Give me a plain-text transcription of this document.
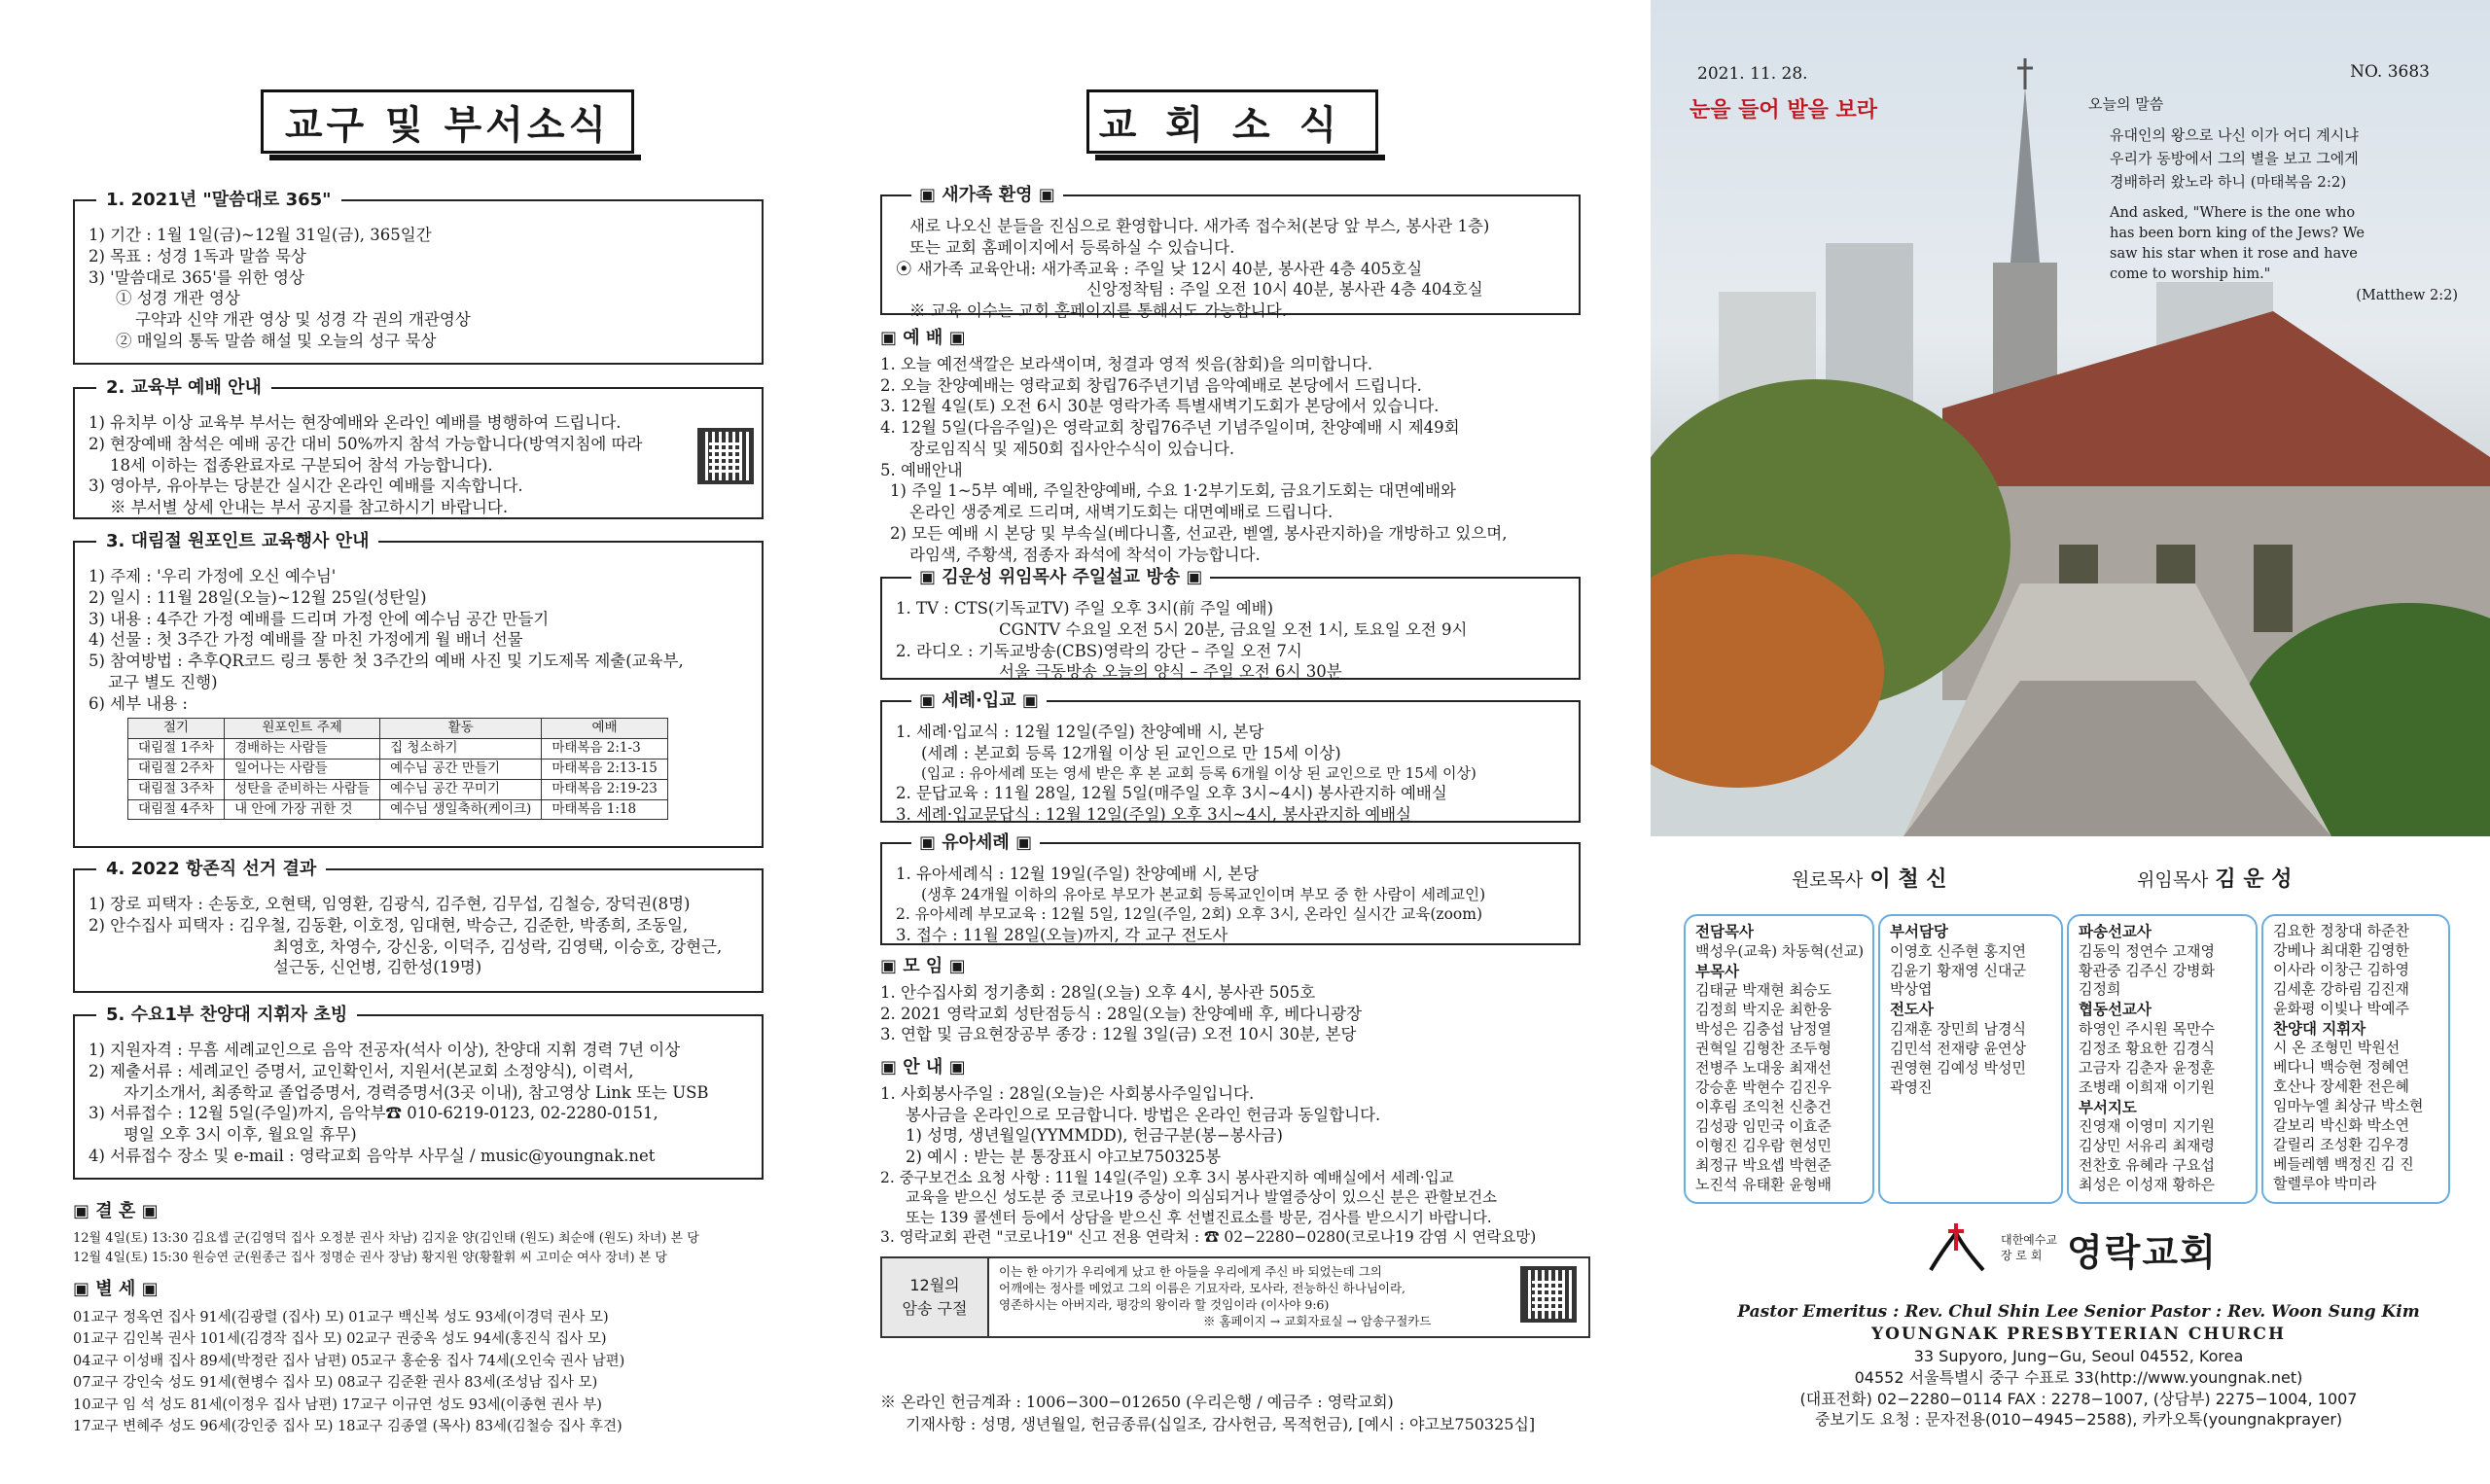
교구 및 부서소식
1. 2021년 "말씀대로 365"
1) 기간 : 1월 1일(금)~12월 31일(금), 365일간
2) 목표 : 성경 1독과 말씀 묵상
3) '말씀대로 365'를 위한 영상
① 성경 개관 영상
구약과 신약 개관 영상 및 성경 각 권의 개관영상
② 매일의 통독 말씀 해설 및 오늘의 성구 묵상
2. 교육부 예배 안내
1) 유치부 이상 교육부 부서는 현장예배와 온라인 예배를 병행하여 드립니다.
2) 현장예배 참석은 예배 공간 대비 50%까지 참석 가능합니다(방역지침에 따라
18세 이하는 접종완료자로 구분되어 참석 가능합니다).
3) 영아부, 유아부는 당분간 실시간 온라인 예배를 지속합니다.
※ 부서별 상세 안내는 부서 공지를 참고하시기 바랍니다.
3. 대림절 원포인트 교육행사 안내
1) 주제 : '우리 가정에 오신 예수님'
2) 일시 : 11월 28일(오늘)~12월 25일(성탄일)
3) 내용 : 4주간 가정 예배를 드리며 가정 안에 예수님 공간 만들기
4) 선물 : 첫 3주간 가정 예배를 잘 마친 가정에게 월 배너 선물
5) 참여방법 : 추후QR코드 링크 통한 첫 3주간의 예배 사진 및 기도제목 제출(교육부,
교구 별도 진행)
6) 세부 내용 :
절기	원포인트 주제	활동	예배
대림절 1주차	경배하는 사람들	집 청소하기	마태복음 2:1-3
대림절 2주차	일어나는 사람들	예수님 공간 만들기	마태복음 2:13-15
대림절 3주차	성탄을 준비하는 사람들	예수님 공간 꾸미기	마태복음 2:19-23
대림절 4주차	내 안에 가장 귀한 것	예수님 생일축하(케이크)	마태복음 1:18
4. 2022 항존직 선거 결과
1) 장로 피택자 : 손동호, 오현택, 임영환, 김광식, 김주현, 김무섭, 김철승, 장덕권(8명)
2) 안수집사 피택자 : 김우철, 김동환, 이호정, 임대현, 박승근, 김준한, 박종희, 조동일,
최영호, 차영수, 강신웅, 이덕주, 김성락, 김영택, 이승호, 강현근,
설근동, 신언병, 김한성(19명)
5. 수요1부 찬양대 지휘자 초빙
1) 지원자격 : 무흠 세례교인으로 음악 전공자(석사 이상), 찬양대 지휘 경력 7년 이상
2) 제출서류 : 세례교인 증명서, 교인확인서, 지원서(본교회 소정양식), 이력서,
자기소개서, 최종학교 졸업증명서, 경력증명서(3곳 이내), 참고영상 Link 또는 USB
3) 서류접수 : 12월 5일(주일)까지, 음악부☎ 010-6219-0123, 02-2280-0151,
평일 오후 3시 이후, 월요일 휴무)
4) 서류접수 장소 및 e-mail : 영락교회 음악부 사무실 / music@youngnak.net
▣ 결 혼 ▣
12월 4일(토) 13:30 김요셉 군(김영덕 집사 오정분 권사 차남) 김지윤 양(김인태 (원도) 최순애 (원도) 차녀) 본 당
12월 4일(토) 15:30 원승연 군(원종근 집사 정명순 권사 장남) 황지원 양(황활휘 씨 고미순 여사 장녀) 본 당
▣ 별 세 ▣
01교구 정옥연 집사 91세(김광렬 (집사) 모) 01교구 백신복 성도 93세(이경덕 권사 모)
01교구 김인복 권사 101세(김경작 집사 모) 02교구 권중옥 성도 94세(홍진식 집사 모)
04교구 이성배 집사 89세(박정란 집사 남편) 05교구 홍순웅 집사 74세(오인숙 권사 남편)
07교구 강인숙 성도 91세(현병수 집사 모) 08교구 김준환 권사 83세(조성남 집사 모)
10교구 임 석 성도 81세(이정우 집사 남편) 17교구 이규연 성도 93세(이종현 권사 부)
17교구 변혜주 성도 96세(강인중 집사 모) 18교구 김종열 (목사) 83세(김철승 집사 후견)
교회소식
▣ 새가족 환영 ▣
새로 나오신 분들을 진심으로 환영합니다. 새가족 접수처(본당 앞 부스, 봉사관 1층)
또는 교회 홈페이지에서 등록하실 수 있습니다.
⦿ 새가족 교육안내: 새가족교육 : 주일 낮 12시 40분, 봉사관 4층 405호실
신앙정착팀 : 주일 오전 10시 40분, 봉사관 4층 404호실
※ 교육 이수는 교회 홈페이지를 통해서도 가능합니다.
▣ 예 배 ▣
1. 오늘 예전색깔은 보라색이며, 청결과 영적 씻음(참회)을 의미합니다.
2. 오늘 찬양예배는 영락교회 창립76주년기념 음악예배로 본당에서 드립니다.
3. 12월 4일(토) 오전 6시 30분 영락가족 특별새벽기도회가 본당에서 있습니다.
4. 12월 5일(다음주일)은 영락교회 창립76주년 기념주일이며, 찬양예배 시 제49회
장로임직식 및 제50회 집사안수식이 있습니다.
5. 예배안내
1) 주일 1~5부 예배, 주일찬양예배, 수요 1·2부기도회, 금요기도회는 대면예배와
온라인 생중계로 드리며, 새벽기도회는 대면예배로 드립니다.
2) 모든 예배 시 본당 및 부속실(베다니홀, 선교관, 벧엘, 봉사관지하)을 개방하고 있으며,
라임색, 주황색, 점종자 좌석에 착석이 가능합니다.
▣ 김운성 위임목사 주일설교 방송 ▣
1. TV : CTS(기독교TV) 주일 오후 3시(前 주일 예배)
CGNTV 수요일 오전 5시 20분, 금요일 오전 1시, 토요일 오전 9시
2. 라디오 : 기독교방송(CBS)영락의 강단 – 주일 오전 7시
서울 극동방송 오늘의 양식 – 주일 오전 6시 30분
▣ 세례·입교 ▣
1. 세례·입교식 : 12월 12일(주일) 찬양예배 시, 본당
(세례 : 본교회 등록 12개월 이상 된 교인으로 만 15세 이상)
(입교 : 유아세례 또는 영세 받은 후 본 교회 등록 6개월 이상 된 교인으로 만 15세 이상)
2. 문답교육 : 11월 28일, 12월 5일(매주일 오후 3시~4시) 봉사관지하 예배실
3. 세례·입교문답식 : 12월 12일(주일) 오후 3시~4시, 봉사관지하 예배실
▣ 유아세례 ▣
1. 유아세례식 : 12월 19일(주일) 찬양예배 시, 본당
(생후 24개월 이하의 유아로 부모가 본교회 등록교인이며 부모 중 한 사람이 세례교인)
2. 유아세례 부모교육 : 12월 5일, 12일(주일, 2회) 오후 3시, 온라인 실시간 교육(zoom)
3. 접수 : 11월 28일(오늘)까지, 각 교구 전도사
▣ 모 임 ▣
1. 안수집사회 정기총회 : 28일(오늘) 오후 4시, 봉사관 505호
2. 2021 영락교회 성탄점등식 : 28일(오늘) 찬양예배 후, 베다니광장
3. 연합 및 금요현장공부 종강 : 12월 3일(금) 오전 10시 30분, 본당
▣ 안 내 ▣
1. 사회봉사주일 : 28일(오늘)은 사회봉사주일입니다.
봉사금을 온라인으로 모금합니다. 방법은 온라인 헌금과 동일합니다.
1) 성명, 생년월일(YYMMDD), 헌금구분(봉−봉사금)
2) 예시 : 받는 분 통장표시 야고보750325봉
2. 중구보건소 요청 사항 : 11월 14일(주일) 오후 3시 봉사관지하 예배실에서 세례·입교
교육을 받으신 성도분 중 코로나19 증상이 의심되거나 발열증상이 있으신 분은 관할보건소
또는 139 콜센터 등에서 상담을 받으신 후 선별진료소를 방문, 검사를 받으시기 바랍니다.
3. 영락교회 관련 "코로나19" 신고 전용 연락처 : ☎ 02−2280−0280(코로나19 감염 시 연락요망)
12월의
암송 구절
이는 한 아기가 우리에게 났고 한 아들을 우리에게 주신 바 되었는데 그의
어깨에는 정사를 메었고 그의 이름은 기묘자라, 모사라, 전능하신 하나님이라,
영존하시는 아버지라, 평강의 왕이라 할 것임이라 (이사야 9:6)
※ 홈페이지 → 교회자료실 → 암송구절카드
※ 온라인 헌금계좌 : 1006−300−012650 (우리은행 / 예금주 : 영락교회)
기재사항 : 성명, 생년월일, 헌금종류(십일조, 감사헌금, 목적헌금), [예시 : 야고보750325십]
2021. 11. 28.	NO. 3683
눈을 들어 밭을 보라	오늘의 말씀
유대인의 왕으로 나신 이가 어디 계시냐
우리가 동방에서 그의 별을 보고 그에게
경배하러 왔노라 하니 (마태복음 2:2)
And asked, "Where is the one who
has been born king of the Jews? We
saw his star when it rose and have
come to worship him."
(Matthew 2:2)
원로목사 이 철 신	위임목사 김 운 성
전담목사
백성우(교육) 차동혁(선교)
부목사
김태균 박재현 최승도
김정희 박지운 최한웅
박성은 김충섭 남정열
권혁일 김형찬 조두형
전병주 노대웅 최재선
강승훈 박현수 김진우
이후림 조익천 신충건
김성광 임민국 이효준
이형진 김우람 현성민
최정규 박요셉 박현준
노진석 유태환 윤형배
부서담당
이영호 신주현 홍지연
김윤기 황재영 신대군
박상엽
전도사
김재훈 장민희 남경식
김민석 전재량 윤연상
권영현 김예성 박성민
곽영진
파송선교사
김동익 정연수 고재영
황관중 김주신 강병화
김정희
협동선교사
하영인 주시원 목만수
김정조 황요한 김경식
고금자 김춘자 윤정훈
조병래 이희재 이기원
부서지도
진영재 이영미 지기원
김상민 서유리 최재령
전찬호 유혜라 구요섭
최성은 이성재 황하은
김요한 정창대 하준찬
강베나 최대환 김영한
이사라 이창근 김하영
김세훈 강하림 김진재
윤화평 이빛나 박예주
찬양대 지휘자
시 온 조형민 박원선
베다니 백승현 정혜연
호산나 장세환 전은혜
임마누엘 최상규 박소현
갈보리 박신화 박소연
갈릴리 조성환 김우경
베들레헴 백정진 김 진
할렐루야 박미라
대한예수교
장 로 회 영락교회
Pastor Emeritus : Rev. Chul Shin Lee Senior Pastor : Rev. Woon Sung Kim
YOUNGNAK PRESBYTERIAN CHURCH
33 Supyoro, Jung−Gu, Seoul 04552, Korea
04552 서울특별시 중구 수표로 33(http://www.youngnak.net)
(대표전화) 02−2280−0114 FAX : 2278−1007, (상담부) 2275−1004, 1007
중보기도 요청 : 문자전용(010−4945−2588), 카카오톡(youngnakprayer)
